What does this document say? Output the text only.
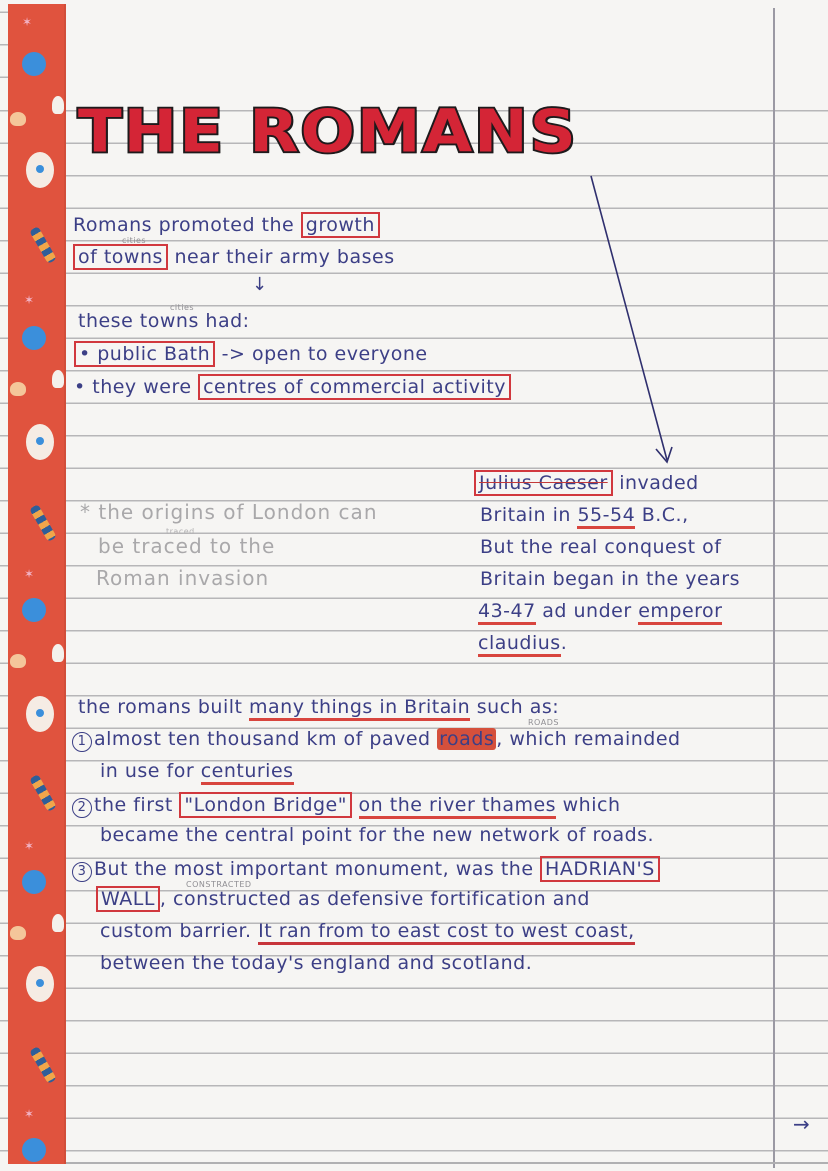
✶
✶
✶
✶
✶
THE ROMANS
Romans promoted the growth
cities
of towns near their army bases
↓
cities
these towns had:
• public Bath -> open to everyone
• they were centres of commercial activity
* the origins of London can
traced
be traced to the
Roman invasion
Julius Caeser invaded
Britain in 55-54 B.C.,
But the real conquest of
Britain began in the years
43-47 ad under emperor
claudius.
the romans built many things in Britain such as:
ROADS
1 almost ten thousand km of paved roads , which remainded
in use for centuries
2 the first "London Bridge" on the river thames which
became the central point for the new network of roads.
3 But the most important monument, was the HADRIAN'S
CONSTRACTED
WALL , constructed as defensive fortification and
custom barrier. It ran from to east cost to west coast,
between the today's england and scotland.
→
